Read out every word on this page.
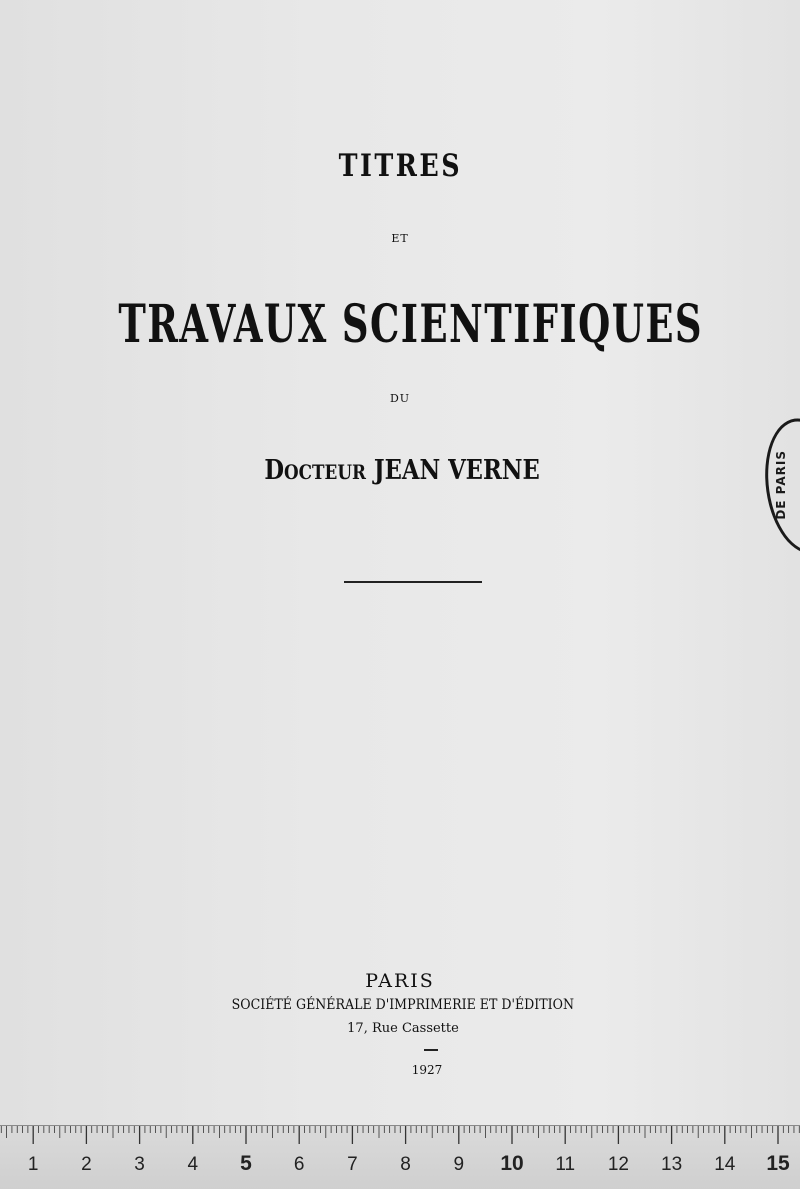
TITRES
ET
TRAVAUX SCIENTIFIQUES
DU
DOCTEUR JEAN VERNE
PARIS
SOCIÉTÉ GÉNÉRALE D'IMPRIMERIE ET D'ÉDITION
17, Rue Cassette
1927
DE PARIS
1 2 3 4 5 6 7 8 9 10 11 12 13 14 15
